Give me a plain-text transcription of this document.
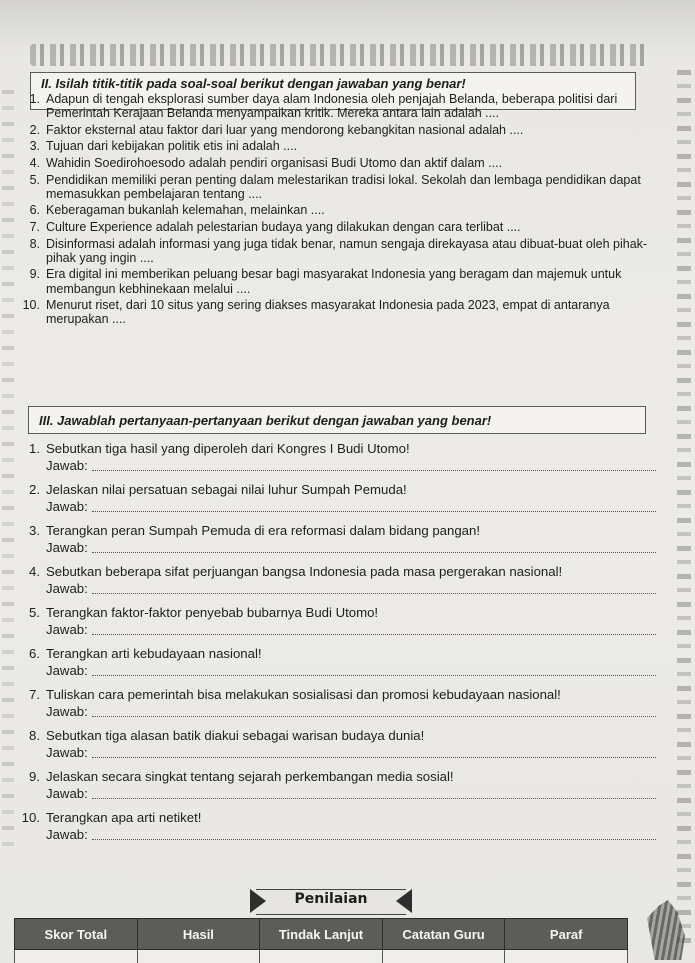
II. Isilah titik-titik pada soal-soal berikut dengan jawaban yang benar!
1. Adapun di tengah eksplorasi sumber daya alam Indonesia oleh penjajah Belanda, beberapa politisi dari Pemerintah Kerajaan Belanda menyampaikan kritik. Mereka antara lain adalah ....
2. Faktor eksternal atau faktor dari luar yang mendorong kebangkitan nasional adalah ....
3. Tujuan dari kebijakan politik etis ini adalah ....
4. Wahidin Soedirohoesodo adalah pendiri organisasi Budi Utomo dan aktif dalam ....
5. Pendidikan memiliki peran penting dalam melestarikan tradisi lokal. Sekolah dan lembaga pendidikan dapat memasukkan pembelajaran tentang ....
6. Keberagaman bukanlah kelemahan, melainkan ....
7. Culture Experience adalah pelestarian budaya yang dilakukan dengan cara terlibat ....
8. Disinformasi adalah informasi yang juga tidak benar, namun sengaja direkayasa atau dibuat-buat oleh pihak-pihak yang ingin ....
9. Era digital ini memberikan peluang besar bagi masyarakat Indonesia yang beragam dan majemuk untuk membangun kebhinekaan melalui ....
10. Menurut riset, dari 10 situs yang sering diakses masyarakat Indonesia pada 2023, empat di antaranya merupakan ....
III. Jawablah pertanyaan-pertanyaan berikut dengan jawaban yang benar!
1. Sebutkan tiga hasil yang diperoleh dari Kongres I Budi Utomo!
Jawab:
2. Jelaskan nilai persatuan sebagai nilai luhur Sumpah Pemuda!
Jawab:
3. Terangkan peran Sumpah Pemuda di era reformasi dalam bidang pangan!
Jawab:
4. Sebutkan beberapa sifat perjuangan bangsa Indonesia pada masa pergerakan nasional!
Jawab:
5. Terangkan faktor-faktor penyebab bubarnya Budi Utomo!
Jawab:
6. Terangkan arti kebudayaan nasional!
Jawab:
7. Tuliskan cara pemerintah bisa melakukan sosialisasi dan promosi kebudayaan nasional!
Jawab:
8. Sebutkan tiga alasan batik diakui sebagai warisan budaya dunia!
Jawab:
9. Jelaskan secara singkat tentang sejarah perkembangan media sosial!
Jawab:
10. Terangkan apa arti netiket!
Jawab:
Penilaian
Skor Total	Hasil	Tindak Lanjut	Catatan Guru	Paraf
